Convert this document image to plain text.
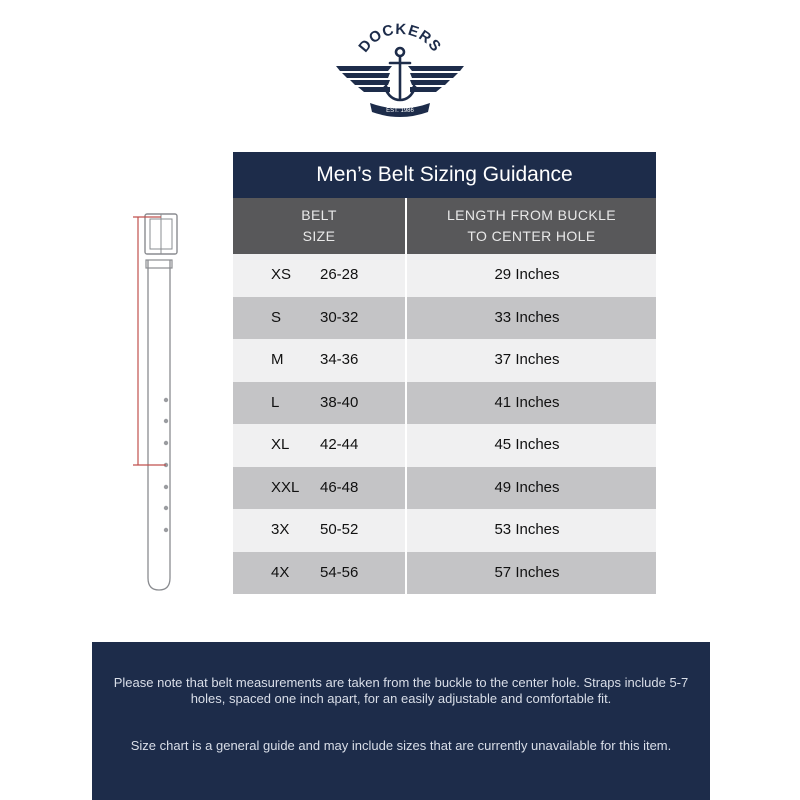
DOCKERS
EST. 1986
Men’s Belt Sizing Guidance
BELT
SIZE
LENGTH FROM BUCKLE
TO CENTER HOLE
XS 26-28	29 Inches
S	30-32	33 Inches
M 34-36	37 Inches
L	38-40	41 Inches
XL 42-44	45 Inches
XXL 46-48	49 Inches
3X 50-52	53 Inches
4X 54-56	57 Inches
Please note that belt measurements are taken from the buckle to the center hole. Straps include 5-7 holes, spaced one inch apart, for an easily adjustable and comfortable fit.
Size chart is a general guide and may include sizes that are currently unavailable for this item.
